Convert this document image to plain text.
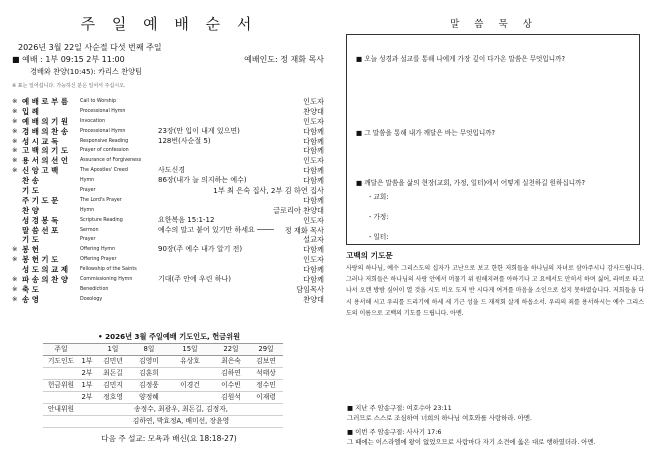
주 일 예 배 순 서
2026년 3월 22일 사순절 다섯 번째 주일
■ 예배 : 1부 09:15 2부 11:00	예배인도: 정 재화 목사
경배와 찬양(10:45): 카리스 찬양팀
※ 표는 일어섭니다. 가능하신 분은 일어서 주십시오.
※ 예 배 로 부 름	Call to Worship	인도자
※ 입 례	Processional Hymn	찬양대
※ 예 배 의 기 원	Invocation	인도자
※ 경 배 의 찬 송	Processional Hymn	23장(만 입이 내게 있으면)	다함께
※ 성 시 교 독	Responsive Reading	128번(사순절 5)	다함께
※ 고 백 의 기 도	Prayer of confession	다함께
※ 용 서 의 선 언	Assurance of Forgiveness	인도자
※ 신 앙 고 백	The Apostles' Creed	사도신경	다함께
찬 송	Hymn	86장(내가 늘 의지하는 예수)	다함께
기 도	Prayer	1부 최 은숙 집사, 2부 김 하연 집사
주 기 도 문	The Lord's Prayer	다함께
찬 양	Hymn	글로리아 찬양대
성 경 봉 독	Scripture Reading	요한복음 15:1-12	인도자
말 씀 선 포	Sermon	예수의 말고 붙어 있기만 하세요 ──── 정 재화 목사
기 도	Prayer	설교자
※ 봉 헌	Offering Hymn	90장(주 예수 내가 알기 전)	다함께
※ 봉 헌 기 도	Offering Prayer	인도자
성 도 의 교 제	Fellowship of the Saints	다함께
※ 파 송 의 찬 양	Commissioning Hymn	기대(주 안에 우린 하나)	다함께
※ 축 도	Benediction	담임목사
※ 송 영	Doxology	찬양대
• 2026년 3월 주일예배 기도인도, 헌금위원
주일		1일	8일	15일	22일	29일
기도인도	1부	김민년	김영미	유상호	최은숙	김보연
	2부	최돈길	김훈희		김하연	석태상
헌금위원	1부	김민지	김정웅	이경건	이수빈	정수민
	2부	정호영	양정혜		김원석	이재령
안내위원	송정수, 최광우, 최돈길, 김정자,					
	김하연, 박효정A, 배미선, 장윤영					
다음 주 설교: 모욕과 배신(요 18:18-27)
말 씀 묵 상
■ 오늘 성경과 설교를 통해 나에게 가장 깊이 다가온 말씀은 무엇입니까?
■ 그 말씀을 통해 내가 깨달은 바는 무엇입니까?
■ 깨달은 말씀을 삶의 현장(교회, 가정, 일터)에서 어떻게 실천하길 원하십니까?
- 교회:
- 가정:
- 일터:
고백의 기도문
사랑의 하나님, 예수 그리스도의 십자가 고난으로 보고 한한 저희들을 하나님의 자녀로 삼아주시니 감사드립니다. 그러나 저희들은 하나님의 사랑 안에서 머물기 위 원해지려를 아하기나 고 요에서도 안히서 하며 싫어, 라비로 타고나서 오랜 방밤 싶어이 열 것을 시도 비오 도저 반 시다게 여겨를 마음을 소인으로 섭지 못하였습니다. 저희들을 다시 용서해 시고 우리를 드리기에 하세 세 기근 성을 드 재적회 살게 하옵소서. 우리의 죄를 용서하시는 예수 그리스도의 이름으로 고백의 기도를 드립니다. 아멘.
■ 지난 주 암송구절: 여호수아 23:11
그러므로 스스로 조심하여 너희의 하나님 여호와를 사랑하라. 아멘.
■ 이번 주 암송구절: 사사기 17:6
그 때에는 이스라엘에 왕이 없었으므로 사람마다 자기 소견에 옳은 대로 행하였더라. 아멘.
